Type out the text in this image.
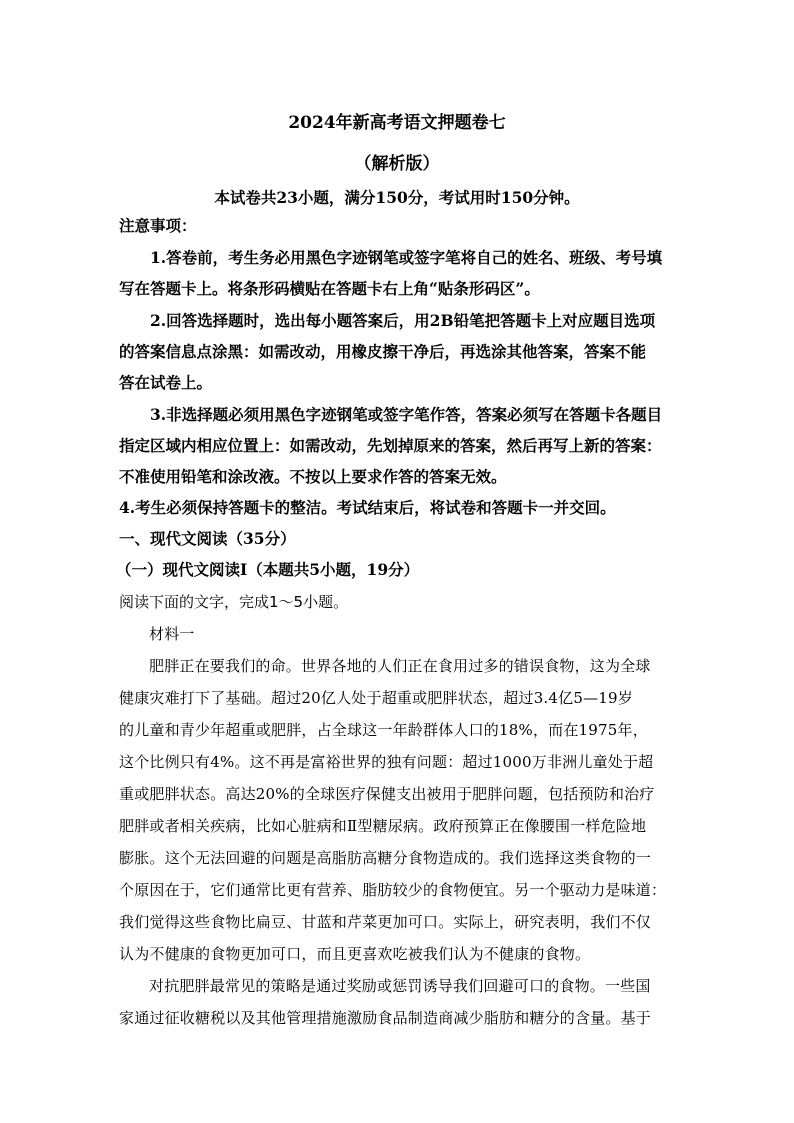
2024年新高考语文押题卷七
（解析版）
本试卷共23小题，满分150分，考试用时150分钟。
注意事项：
1.答卷前，考生务必用黑色字迹钢笔或签字笔将自己的姓名、班级、考号填
写在答题卡上。将条形码横贴在答题卡右上角“贴条形码区”。
2.回答选择题时，选出每小题答案后，用2B铅笔把答题卡上对应题目选项
的答案信息点涂黑：如需改动，用橡皮擦干净后，再选涂其他答案，答案不能
答在试卷上。
3.非选择题必须用黑色字迹钢笔或签字笔作答，答案必须写在答题卡各题目
指定区域内相应位置上：如需改动，先划掉原来的答案，然后再写上新的答案：
不准使用铅笔和涂改液。不按以上要求作答的答案无效。
4.考生必须保持答题卡的整洁。考试结束后，将试卷和答题卡一并交回。
一、现代文阅读（35分）
（一）现代文阅读Ⅰ（本题共5小题，19分）
阅读下面的文字，完成1～5小题。
材料一
肥胖正在要我们的命。世界各地的人们正在食用过多的错误食物，这为全球
健康灾难打下了基础。超过20亿人处于超重或肥胖状态，超过3.4亿5—19岁
的儿童和青少年超重或肥胖，占全球这一年龄群体人口的18%，而在1975年，
这个比例只有4%。这不再是富裕世界的独有问题：超过1000万非洲儿童处于超
重或肥胖状态。高达20%的全球医疗保健支出被用于肥胖问题，包括预防和治疗
肥胖或者相关疾病，比如心脏病和Ⅱ型糖尿病。政府预算正在像腰围一样危险地
膨胀。这个无法回避的问题是高脂肪高糖分食物造成的。我们选择这类食物的一
个原因在于，它们通常比更有营养、脂肪较少的食物便宜。另一个驱动力是味道：
我们觉得这些食物比扁豆、甘蓝和芹菜更加可口。实际上，研究表明，我们不仅
认为不健康的食物更加可口，而且更喜欢吃被我们认为不健康的食物。
对抗肥胖最常见的策略是通过奖励或惩罚诱导我们回避可口的食物。一些国
家通过征收糖税以及其他管理措施激励食品制造商减少脂肪和糖分的含量。基于
